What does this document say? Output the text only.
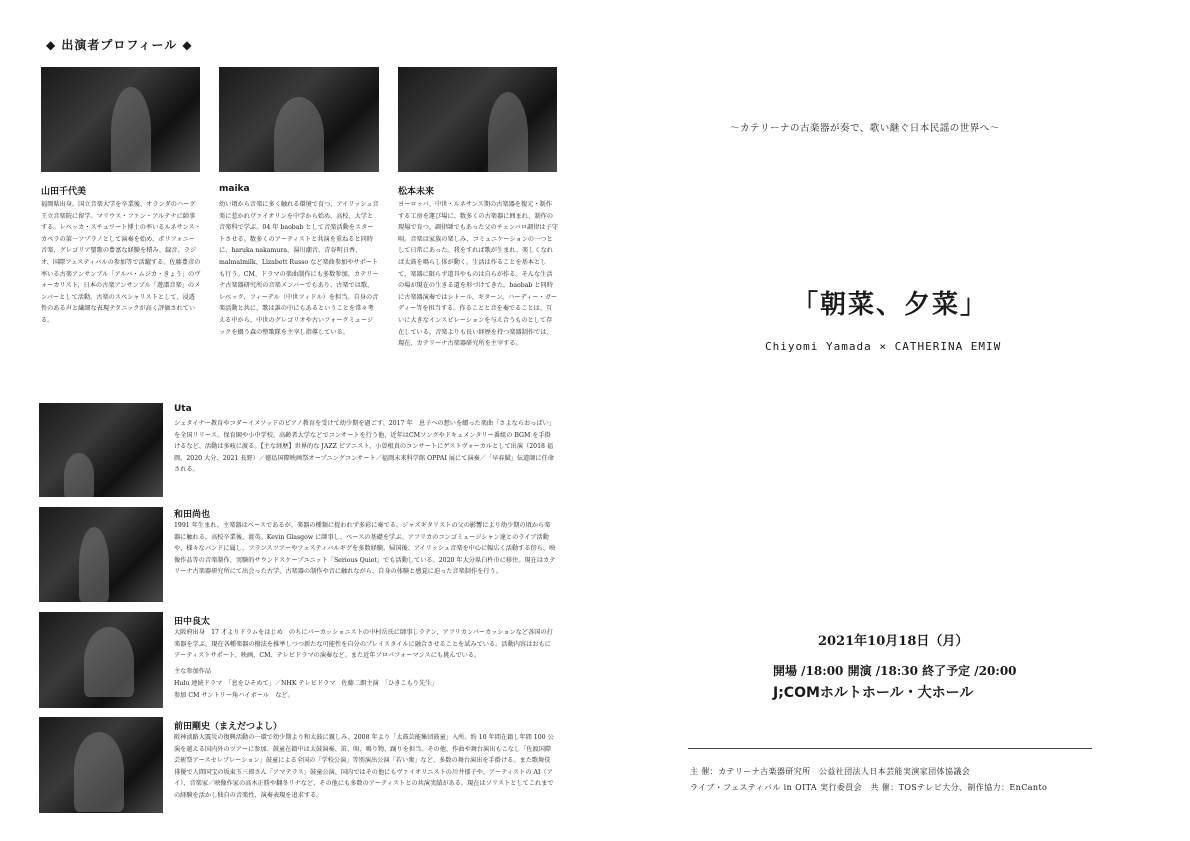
◆ 出演者プロフィール ◆
山田千代美
福岡県出身。国立音楽大学を卒業後、オランダのハーグ王立音楽院に留学。マリウス・ファン・アルテナに師事する。レベッカ・スチュワート博士の率いるルネサンス・カペラの第一ソプラノとして演奏を始め、ポリフォニー音楽、グレゴリア聖歌の豊富な経験を積み、録音、ラジオ、国際フェスティバルの参加等で活躍する。佐藤豊彦の率いる古楽アンサンブル「アルバ・ムジカ・きょう」のヴォーカリスト、日本の古楽アンサンブル「遊譜音楽」のメンバーとして活動。古楽のスペシャリストとして、浸透性のある声と繊細な表現テクニックが高く評価されている。
maika
幼い頃から音楽に多く触れる環境で育つ。アイリッシュ音楽に惹かれヴァイオリンを中学から始め、高校、大学と音楽科で学ぶ。04 年 baobab として音楽活動をスタートさせる。数多くのアーティストと共演を重ねると同時に、haruka nakamura、湯川潮音、青谷明日香、malmalmilk、Lizabett Russo など楽曲参加やサポートも行う。CM、ドラマの楽曲制作にも多数参加。カテリーナ古楽器研究所の音楽メンバーでもあり、古楽では歌、レベック、フィーデル（中世フィドル）を担当。自身の音楽活動と共に、歌は誰の中にもあるということを常々考える中から、中世のグレゴリオや古いフォークミュージックを綴う森の整歌隊を主宰し指導している。
松本未来
ヨーロッパ、中世・ルネサンス期の古楽器を復元・制作する工房を運び場に、数多くの古楽器に囲まれ、制作の現場で育つ。調律師でもあった父のチェンバロ調律は子守唄。音楽は家族の楽しみ、コミュニケーションの一つとして日常にあった。我をすれば歌が生まれ、楽しくなれば太鼓を鳴らし体が動く。生活は作ることを基本として、楽器に限らず道具やものは自らが作る。そんな生活の場が現在の生きる道を形づけてきた。baobab と同時に古楽器演奏ではシトール、ギターン、ハーディー・ガーディー等を担当する。作ることと音を奏でることは、互いに大きなインスピレーションを与え合うものとして存在している。音楽よりも長い経歴を持つ楽器制作では、現在、カテリーナ古楽器研究所を主宰する。
Uta
シュタイナー教育やコダーイメソッドのピアノ教育を受けて幼少期を過ごす。2017 年　息子への想いを綴った楽曲「さよならおっぱい」を全国リリース。保育園や小中学校、高齢者大学などでコンサートを行う他、近年はCMソングやドキュメンタリー番組の BGM を手掛けるなど、活動は多岐に渡る。【主な経歴】世界的な JAZZ ピアニスト、小曽根真のコンサートにゲストヴォーカルとして出演（2018 福岡、2020 大分、2021 長野）／徳島国際映画祭オープニングコンサート／福岡未来科学館 OPPAI 展にて演奏／「早春賦」伝道師に任命される。
和田尚也
1991 年生まれ。主楽器はベースであるが、楽器の種類に捉われず多彩に奏でる。ジャズギタリストの父の影響により幼少期の頃から楽器に触れる。高校卒業後、渡英。Kevin Glasgow に師事し、ベースの基礎を学ぶ。アフリカのコンゴミュージシャン達とのライブ活動や、様々なバンドに属し、フランスツアーやフェスティバルギグを多数経験。帰国後、アイリッシュ音楽を中心に幅広く活動する傍ら、映像作品等の音楽制作、実験的サウンドスケープユニット「Serious Quiet」でも活動している。2020 年大分県白杵市に移住。現在はカテリーナ古楽器研究所にて出会った古学、古楽器の制作や音に触れながら、自身の体験と感覚に迫った音楽制作を行う。
田中良太
大阪府出身　17 才よりドラムをはじめ　のちにパーカッショニストの中村岳氏に師事しラテン、アフリカンパーカッションなど各国の打楽器を学ぶ。現在各種楽器の撥法を推挙しつつ新たな可能性を自分のプレイスタイルに融合させることを試みている。活動内容はおもにアーティストサポート、映画、CM、テレビドラマの演奏など。また近年ソロパフォーマンスにも挑んでいる。
主な参加作品
Hulu 連続ドラマ　「息をひそめて」／NHK テレビドラマ　佐藤二朗主演　「ひきこもり先生」
参加 CM サントリー角ハイボール　など。
前田剛史（まえだつよし）
阪神淡路大震災の復興活動の一環で幼少期より和太鼓に親しみ、2008 年より「太鼓芸能集団鼓童」入所。約 10 年間在籍し年間 100 公演を越える国内外のツアーに参加。鼓童在籍中は太鼓演奏、笛、唄、鳴り物、踊りを担当。その他、作曲や舞台演出もこなし「佐渡国際芸術祭アースセレブレーション」鼓童による全国の「学校公演」等別演出公演「若い衆」など、多数の舞台演出を手掛ける。また歌舞伎俳優で人間国宝の坂東玉三郎さん「アマテラス」鼓童公演、国内ではその他にもヴァイオリニストの川井郁子や、アーティストの AI（アイ）、音楽家／映像作家の高木正勝や翻冬リナなど、その他にも多数のアーティストとの共演実績がある。現在はソリストとしてこれまでの経験を活かし独自の音楽性、演奏表現を追求する。
～カテリーナの古楽器が奏で、歌い継ぐ日本民謡の世界へ～
「朝菜、夕菜」
Chiyomi Yamada × CATHERINA EMIW
2021年10月18日（月）
開場 /18:00 開演 /18:30 終了予定 /20:00
J;COMホルトホール・大ホール
主 催：カテリーナ古楽器研究所　公益社団法人日本芸能実演家団体協議会
ライブ・フェスティバル in OITA 実行委員会　共 催：TOSテレビ大分、制作協力：EnCanto
